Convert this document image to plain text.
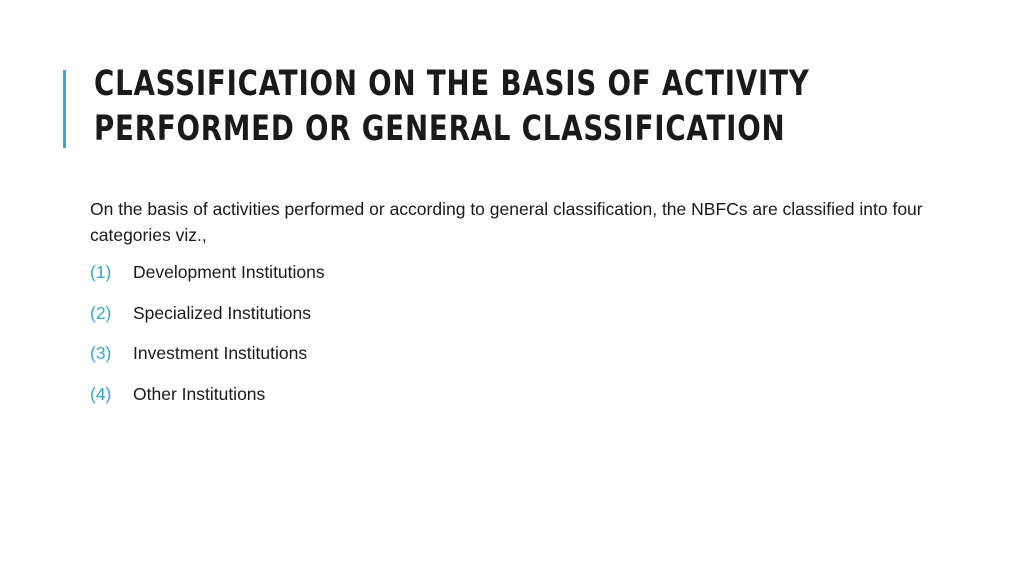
CLASSIFICATION ON THE BASIS OF ACTIVITY
PERFORMED OR GENERAL CLASSIFICATION

On the basis of activities performed or according to general classification, the NBFCs are classified into four categories viz.,

(1)	Development Institutions
(2)	Specialized Institutions
(3)	Investment Institutions
(4)	Other Institutions
